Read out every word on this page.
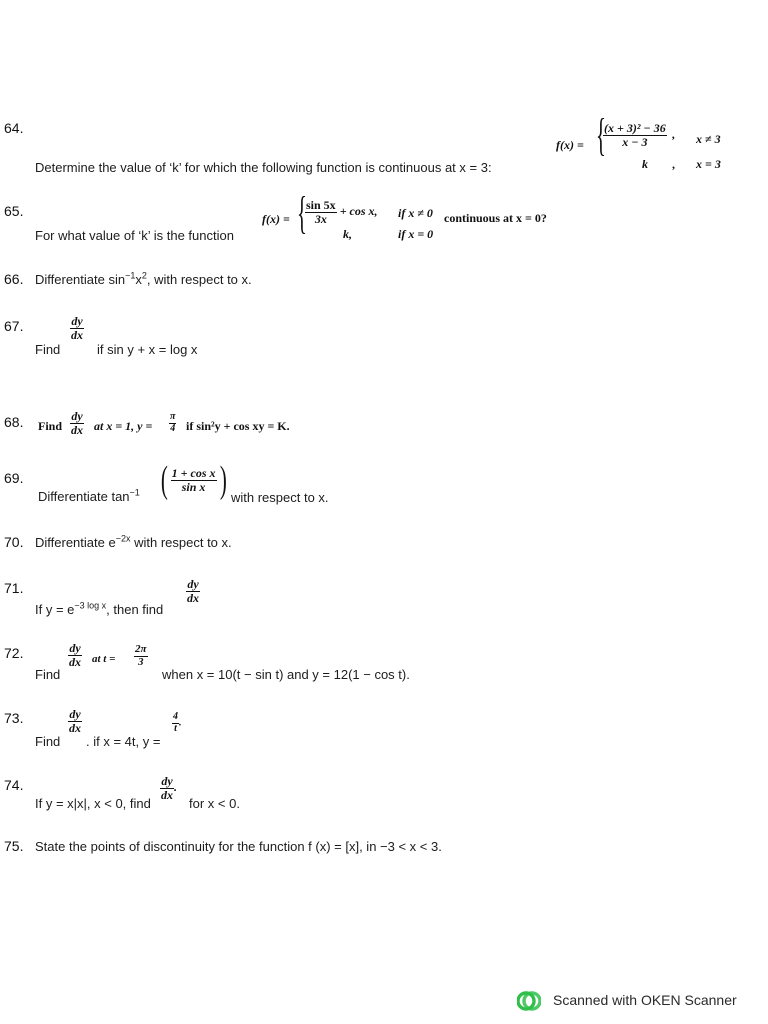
64.
Determine the value of ‘k’ for which the following function is continuous at x = 3:
f(x) = {
$\frac{\text{(x + 3)² − 36}}{x - 3}$ , x ≠ 3
k , x = 3
65.
For what value of ‘k’ is the function
f(x) = {
$\frac{\sin 5x}{3x} + \cos x$, if x ≠ 0
k,	if x = 0
continuous at x = 0?
66. Differentiate $\sin^{-1}x^2$, with respect to x.
67.
Find
$\frac{dy}{dx}$
if sin y + x = log x
68. Find $\frac{dy}{dx}$ at x = 1, $y = \frac{\pi}{4}$ if sin²y + cos xy = K.
69.
Differentiate $\tan^{-1}$ ( $\frac{\text{1 + cos x}}{\text{sin x}}$ ) with respect to x.
70. Differentiate $e^{-2x}$ with respect to x.
71.
If $y = e^{-3 log x}$, then find
$\frac{dy}{dx}$
72.
Find
$\frac{dy}{dx}$ at $t = \frac{2\pi}{3}$
when x = 10(t − sin t) and y = 12(1 − cos t).
73.
Find
$\frac{dy}{dx}$
. if x = 4t, y =
$\frac{4}{t}$ .
74.
If y = x|x|, x < 0, find
$\frac{dy}{dx}$ .
for x < 0.
75. State the points of discontinuity for the function f (x) = [x], in −3 < x < 3.
Scanned with OKEN Scanner
